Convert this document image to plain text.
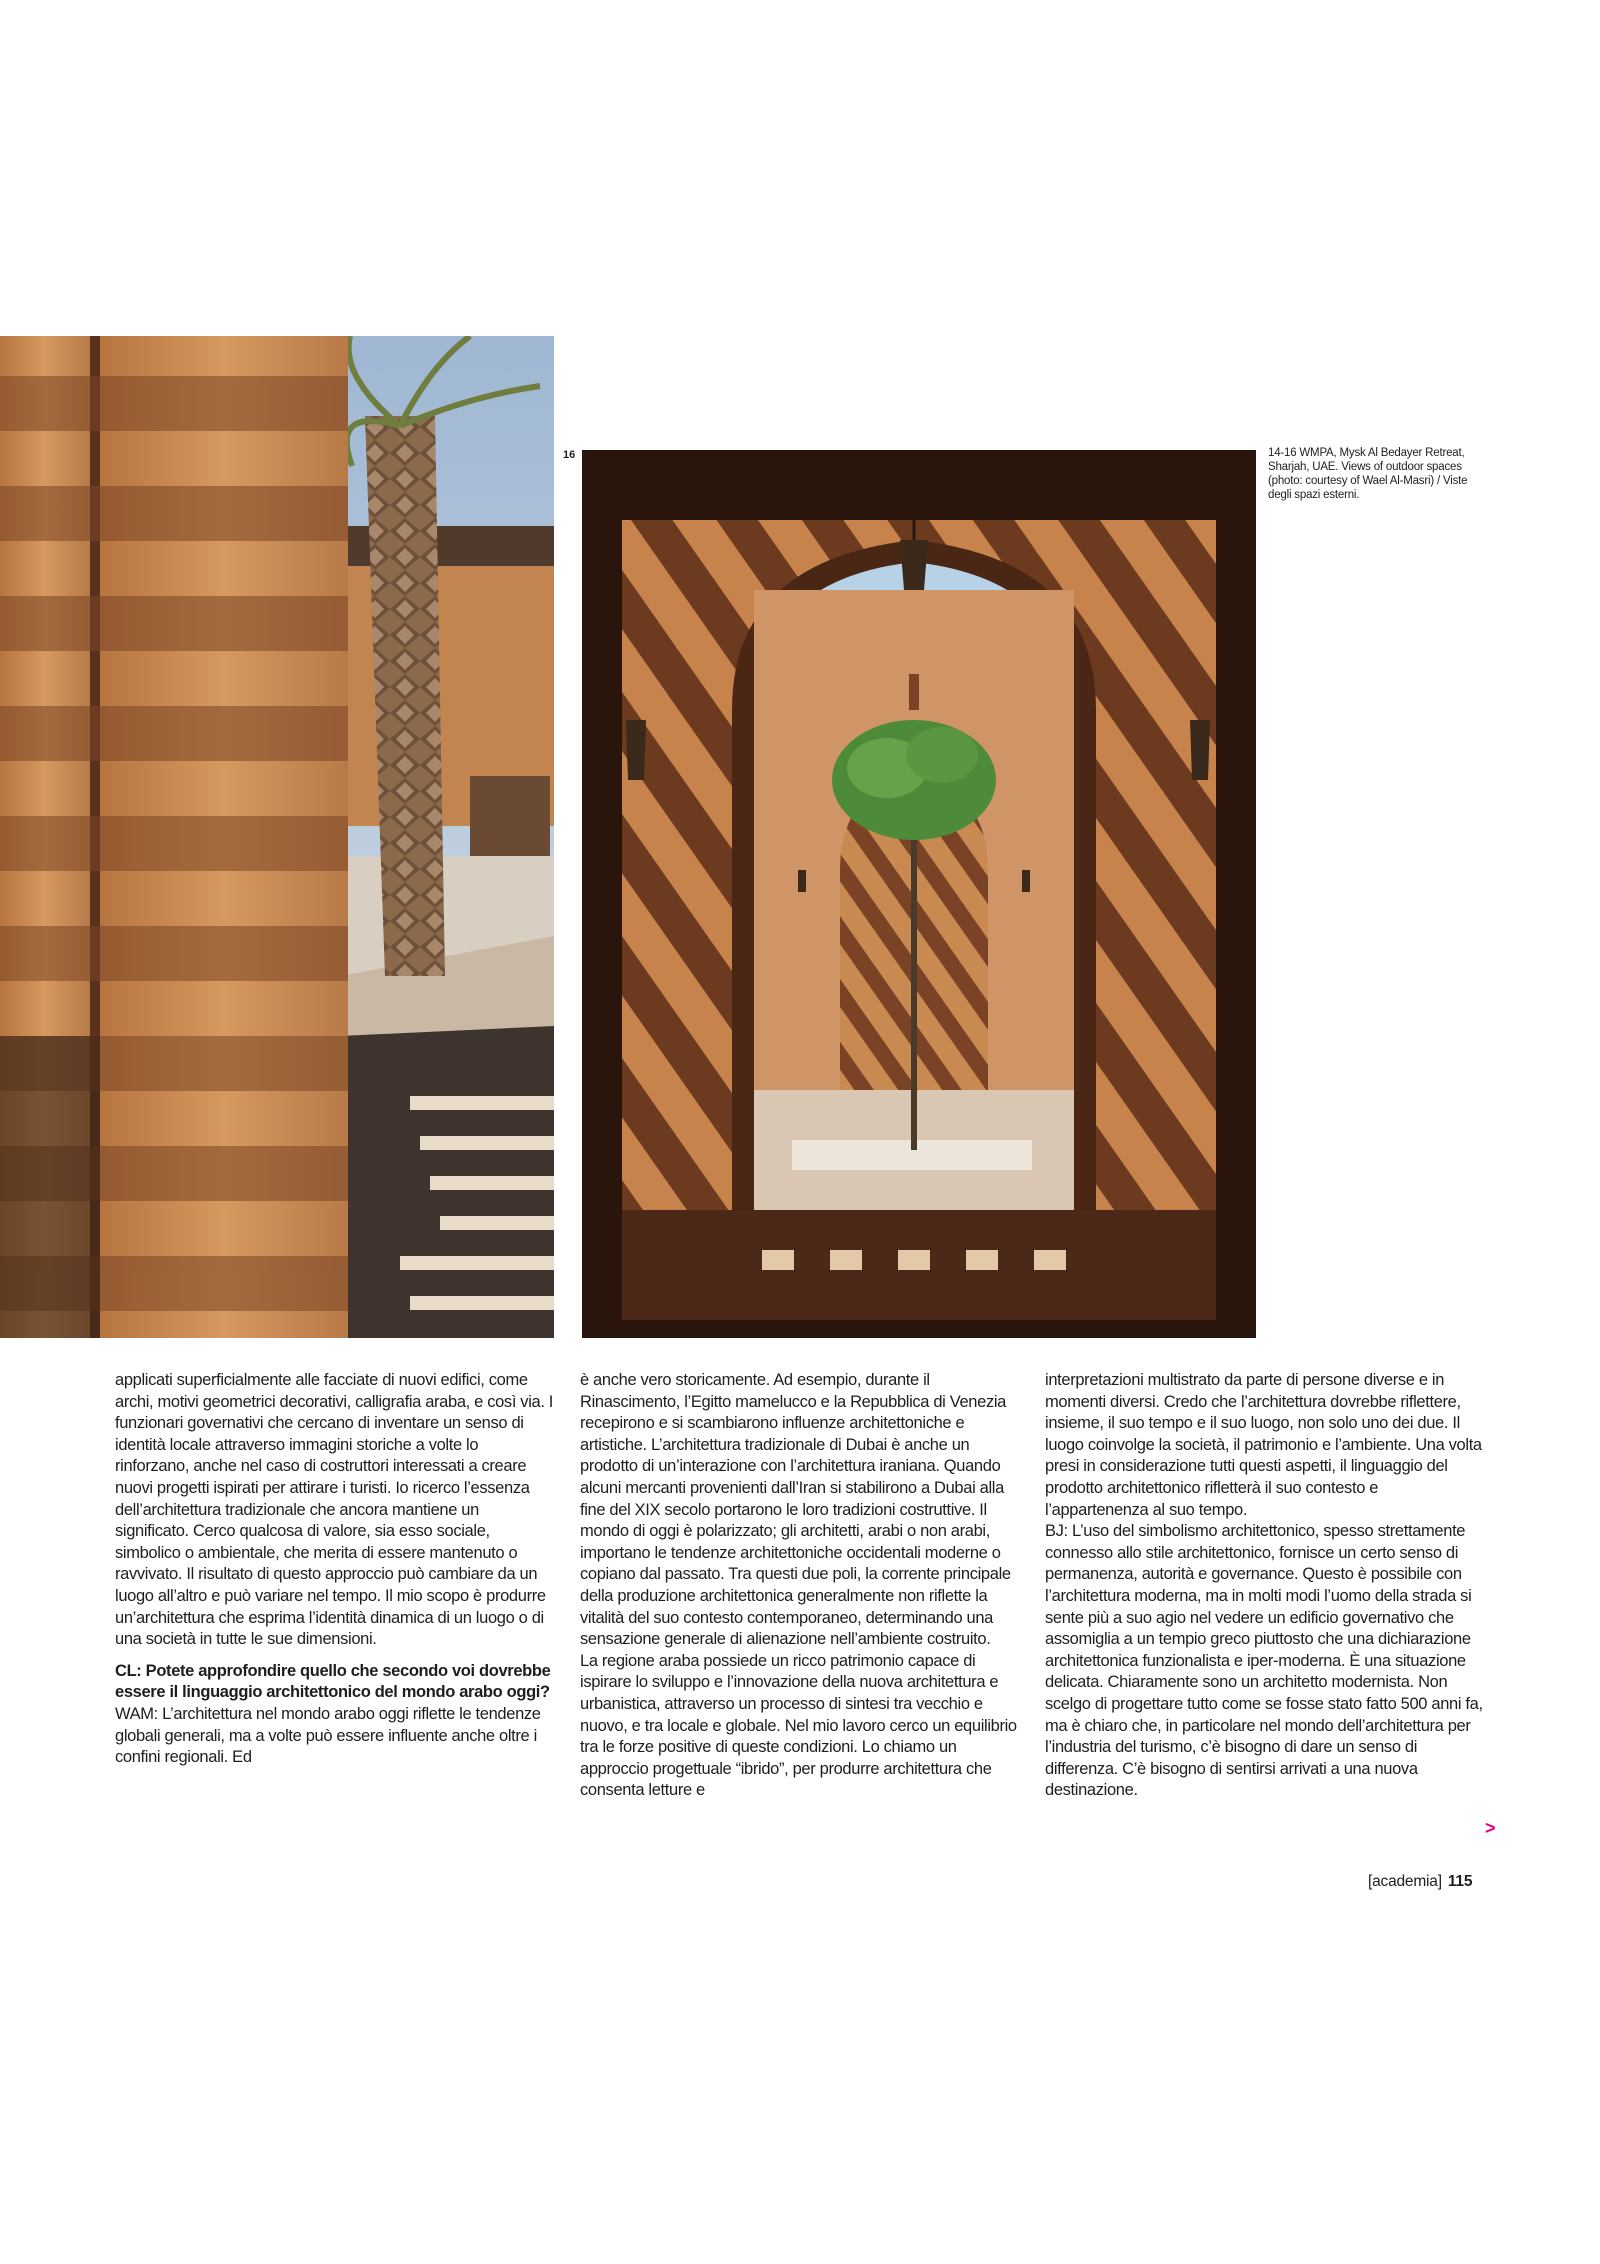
16	14-16 WMPA, Mysk Al Bedayer Retreat, Sharjah, UAE. Views of outdoor spaces (photo: courtesy of Wael Al-Masri) / Viste degli spazi esterni.

applicati superficialmente alle facciate di nuovi edifici, come archi, motivi geometrici decorativi, calligrafia araba, e così via. I funzionari governativi che cercano di inventare un senso di identità locale attraverso immagini storiche a volte lo rinforzano, anche nel caso di costruttori interessati a creare nuovi progetti ispirati per attirare i turisti. Io ricerco l’essenza dell’architettura tradizionale che ancora mantiene un significato. Cerco qualcosa di valore, sia esso sociale, simbolico o ambientale, che merita di essere mantenuto o ravvivato. Il risultato di questo approccio può cambiare da un luogo all’altro e può variare nel tempo. Il mio scopo è produrre un’architettura che esprima l’identità dinamica di un luogo o di una società in tutte le sue dimensioni.

CL: Potete approfondire quello che secondo voi dovrebbe essere il linguaggio architettonico del mondo arabo oggi?

WAM: L’architettura nel mondo arabo oggi riflette le tendenze globali generali, ma a volte può essere influente anche oltre i confini regionali. Ed

è anche vero storicamente. Ad esempio, durante il Rinascimento, l’Egitto mamelucco e la Repubblica di Venezia recepirono e si scambiarono influenze architettoniche e artistiche. L’architettura tradizionale di Dubai è anche un prodotto di un’interazione con l’architettura iraniana. Quando alcuni mercanti provenienti dall’Iran si stabilirono a Dubai alla fine del XIX secolo portarono le loro tradizioni costruttive. Il mondo di oggi è polarizzato; gli architetti, arabi o non arabi, importano le tendenze architettoniche occidentali moderne o copiano dal passato. Tra questi due poli, la corrente principale della produzione architettonica generalmente non riflette la vitalità del suo contesto contemporaneo, determinando una sensazione generale di alienazione nell’ambiente costruito.

La regione araba possiede un ricco patrimonio capace di ispirare lo sviluppo e l’innovazione della nuova architettura e urbanistica, attraverso un processo di sintesi tra vecchio e nuovo, e tra locale e globale. Nel mio lavoro cerco un equilibrio tra le forze positive di queste condizioni. Lo chiamo un approccio progettuale “ibrido”, per produrre architettura che consenta letture e

interpretazioni multistrato da parte di persone diverse e in momenti diversi. Credo che l’architettura dovrebbe riflettere, insieme, il suo tempo e il suo luogo, non solo uno dei due. Il luogo coinvolge la società, il patrimonio e l’ambiente. Una volta presi in considerazione tutti questi aspetti, il linguaggio del prodotto architettonico rifletterà il suo contesto e l’appartenenza al suo tempo.

BJ: L’uso del simbolismo architettonico, spesso strettamente connesso allo stile architettonico, fornisce un certo senso di permanenza, autorità e governance. Questo è possibile con l’architettura moderna, ma in molti modi l’uomo della strada si sente più a suo agio nel vedere un edificio governativo che assomiglia a un tempio greco piuttosto che una dichiarazione architettonica funzionalista e iper-moderna. È una situazione delicata. Chiaramente sono un architetto modernista. Non scelgo di progettare tutto come se fosse stato fatto 500 anni fa, ma è chiaro che, in particolare nel mondo dell’architettura per l’industria del turismo, c’è bisogno di dare un senso di differenza. C’è bisogno di sentirsi arrivati a una nuova destinazione.

>
[academia] 115
